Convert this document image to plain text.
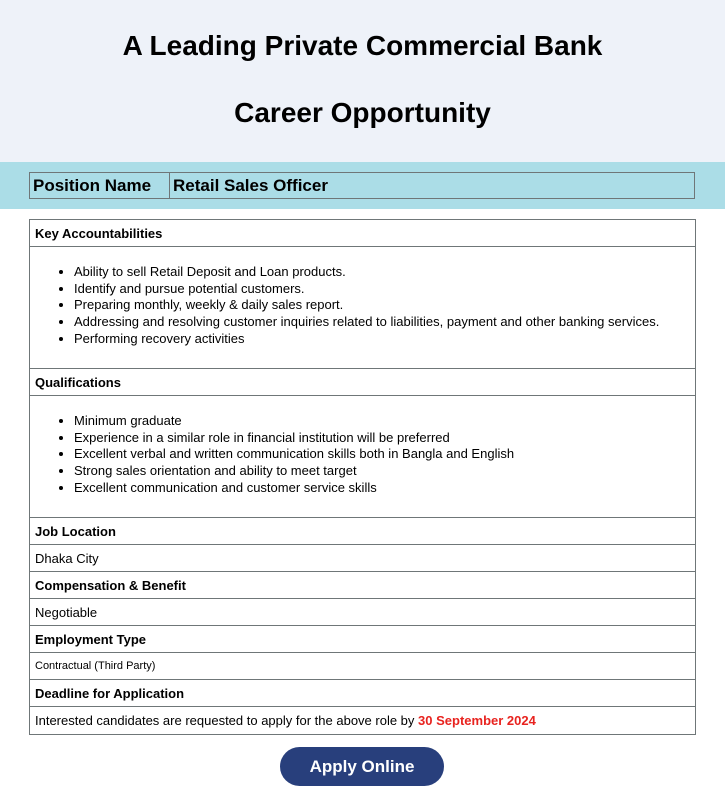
A Leading Private Commercial Bank
Career Opportunity
Position Name	Retail Sales Officer
Key Accountabilities
• Ability to sell Retail Deposit and Loan products.
• Identify and pursue potential customers.
• Preparing monthly, weekly & daily sales report.
• Addressing and resolving customer inquiries related to liabilities, payment and other banking services.
• Performing recovery activities
Qualifications
• Minimum graduate
• Experience in a similar role in financial institution will be preferred
• Excellent verbal and written communication skills both in Bangla and English
• Strong sales orientation and ability to meet target
• Excellent communication and customer service skills
Job Location
Dhaka City
Compensation & Benefit
Negotiable
Employment Type
Contractual (Third Party)
Deadline for Application
Interested candidates are requested to apply for the above role by 30 September 2024
Apply Online
